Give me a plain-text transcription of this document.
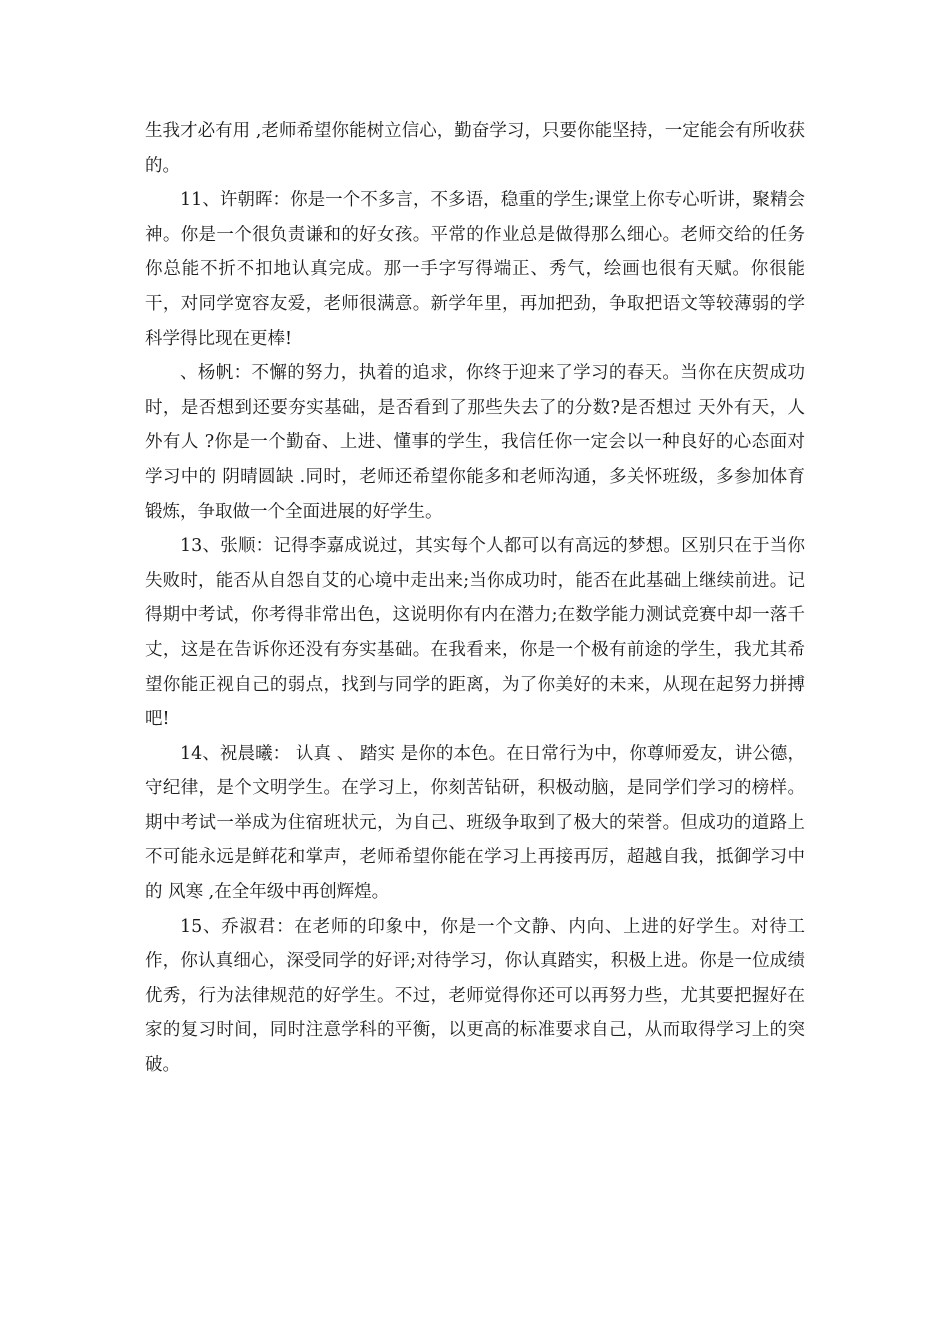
生我才必有用 ,老师希望你能树立信心，勤奋学习，只要你能坚持，一定能会有所收获的。

11、许朝晖：你是一个不多言，不多语，稳重的学生;课堂上你专心听讲，聚精会神。你是一个很负责谦和的好女孩。平常的作业总是做得那么细心。老师交给的任务你总能不折不扣地认真完成。那一手字写得端正、秀气，绘画也很有天赋。你很能干，对同学宽容友爱，老师很满意。新学年里，再加把劲，争取把语文等较薄弱的学科学得比现在更棒!

、杨帆：不懈的努力，执着的追求，你终于迎来了学习的春天。当你在庆贺成功时，是否想到还要夯实基础，是否看到了那些失去了的分数?是否想过 天外有天，人外有人 ?你是一个勤奋、上进、懂事的学生，我信任你一定会以一种良好的心态面对学习中的 阴晴圆缺 .同时，老师还希望你能多和老师沟通，多关怀班级，多参加体育锻炼，争取做一个全面进展的好学生。

13、张顺：记得李嘉成说过，其实每个人都可以有高远的梦想。区别只在于当你失败时，能否从自怨自艾的心境中走出来;当你成功时，能否在此基础上继续前进。记得期中考试，你考得非常出色，这说明你有内在潜力;在数学能力测试竞赛中却一落千丈，这是在告诉你还没有夯实基础。在我看来，你是一个极有前途的学生，我尤其希望你能正视自己的弱点，找到与同学的距离，为了你美好的未来，从现在起努力拼搏吧!

14、祝晨曦： 认真 、 踏实 是你的本色。在日常行为中，你尊师爱友，讲公德，守纪律，是个文明学生。在学习上，你刻苦钻研，积极动脑，是同学们学习的榜样。期中考试一举成为住宿班状元，为自己、班级争取到了极大的荣誉。但成功的道路上不可能永远是鲜花和掌声，老师希望你能在学习上再接再厉，超越自我，抵御学习中的 风寒 ,在全年级中再创辉煌。

15、乔淑君：在老师的印象中，你是一个文静、内向、上进的好学生。对待工作，你认真细心，深受同学的好评;对待学习，你认真踏实，积极上进。你是一位成绩优秀，行为法律规范的好学生。不过，老师觉得你还可以再努力些，尤其要把握好在家的复习时间，同时注意学科的平衡，以更高的标准要求自己，从而取得学习上的突破。
